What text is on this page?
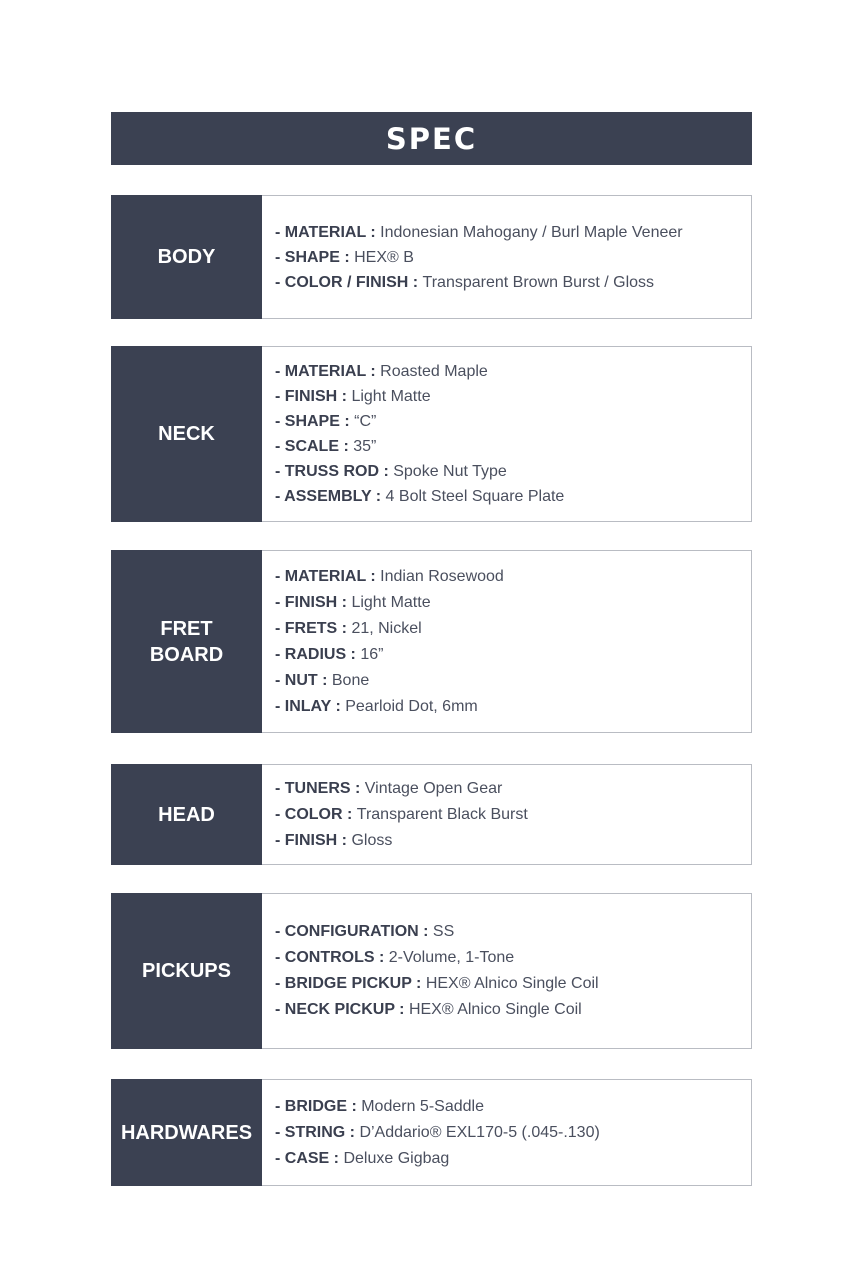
SPEC
BODY
- MATERIAL : Indonesian Mahogany / Burl Maple Veneer
- SHAPE : HEX® B
- COLOR / FINISH : Transparent Brown Burst / Gloss
NECK
- MATERIAL : Roasted Maple
- FINISH : Light Matte
- SHAPE : “C”
- SCALE : 35”
- TRUSS ROD : Spoke Nut Type
- ASSEMBLY : 4 Bolt Steel Square Plate
FRET
BOARD
- MATERIAL : Indian Rosewood
- FINISH : Light Matte
- FRETS : 21, Nickel
- RADIUS : 16”
- NUT : Bone
- INLAY : Pearloid Dot, 6mm
HEAD
- TUNERS : Vintage Open Gear
- COLOR : Transparent Black Burst
- FINISH : Gloss
PICKUPS
- CONFIGURATION : SS
- CONTROLS : 2-Volume, 1-Tone
- BRIDGE PICKUP : HEX® Alnico Single Coil
- NECK PICKUP : HEX® Alnico Single Coil
HARDWARES
- BRIDGE : Modern 5-Saddle
- STRING : D’Addario® EXL170-5 (.045-.130)
- CASE : Deluxe Gigbag
